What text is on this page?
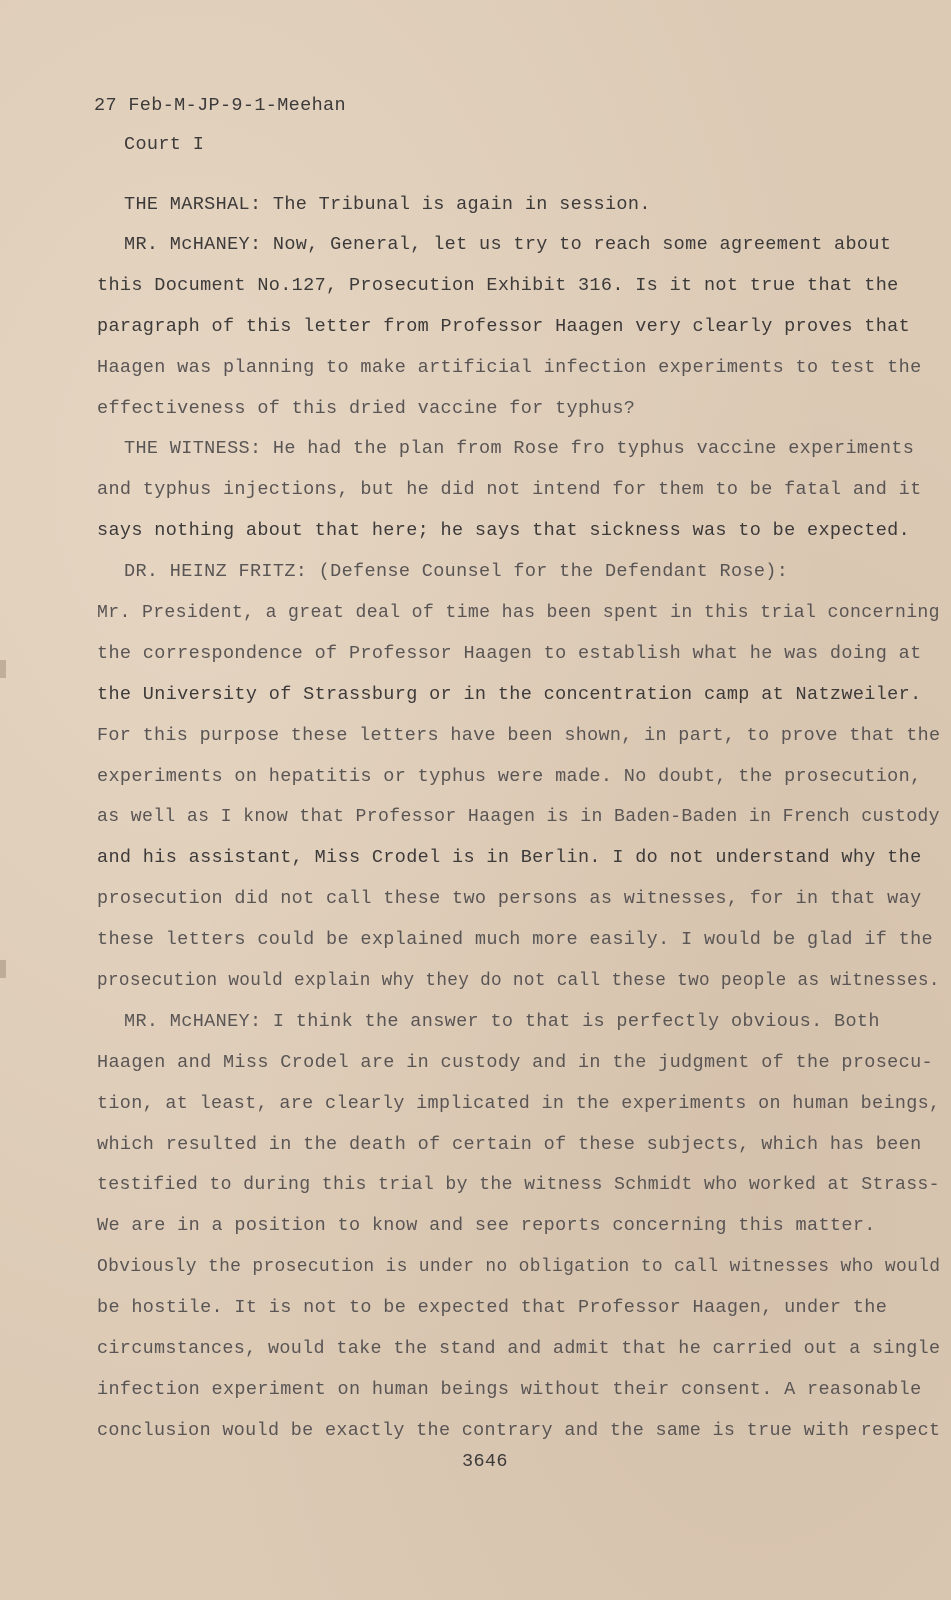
27 Feb-M-JP-9-1-Meehan
Court I
THE MARSHAL: The Tribunal is again in session.
MR. McHANEY: Now, General, let us try to reach some agreement about
this Document No.127, Prosecution Exhibit 316. Is it not true that the
paragraph of this letter from Professor Haagen very clearly proves that
Haagen was planning to make artificial infection experiments to test the
effectiveness of this dried vaccine for typhus?
THE WITNESS: He had the plan from Rose fro typhus vaccine experiments
and typhus injections, but he did not intend for them to be fatal and it
says nothing about that here; he says that sickness was to be expected.
DR. HEINZ FRITZ: (Defense Counsel for the Defendant Rose):
Mr. President, a great deal of time has been spent in this trial concerning
the correspondence of Professor Haagen to establish what he was doing at
the University of Strassburg or in the concentration camp at Natzweiler.
For this purpose these letters have been shown, in part, to prove that the
experiments on hepatitis or typhus were made. No doubt, the prosecution,
as well as I know that Professor Haagen is in Baden-Baden in French custody
and his assistant, Miss Crodel is in Berlin. I do not understand why the
prosecution did not call these two persons as witnesses, for in that way
these letters could be explained much more easily. I would be glad if the
prosecution would explain why they do not call these two people as witnesses.
MR. McHANEY: I think the answer to that is perfectly obvious. Both
Haagen and Miss Crodel are in custody and in the judgment of the prosecu-
tion, at least, are clearly implicated in the experiments on human beings,
which resulted in the death of certain of these subjects, which has been
testified to during this trial by the witness Schmidt who worked at Strass-
We are in a position to know and see reports concerning this matter.
Obviously the prosecution is under no obligation to call witnesses who would
be hostile. It is not to be expected that Professor Haagen, under the
circumstances, would take the stand and admit that he carried out a single
infection experiment on human beings without their consent. A reasonable
conclusion would be exactly the contrary and the same is true with respect
3646
